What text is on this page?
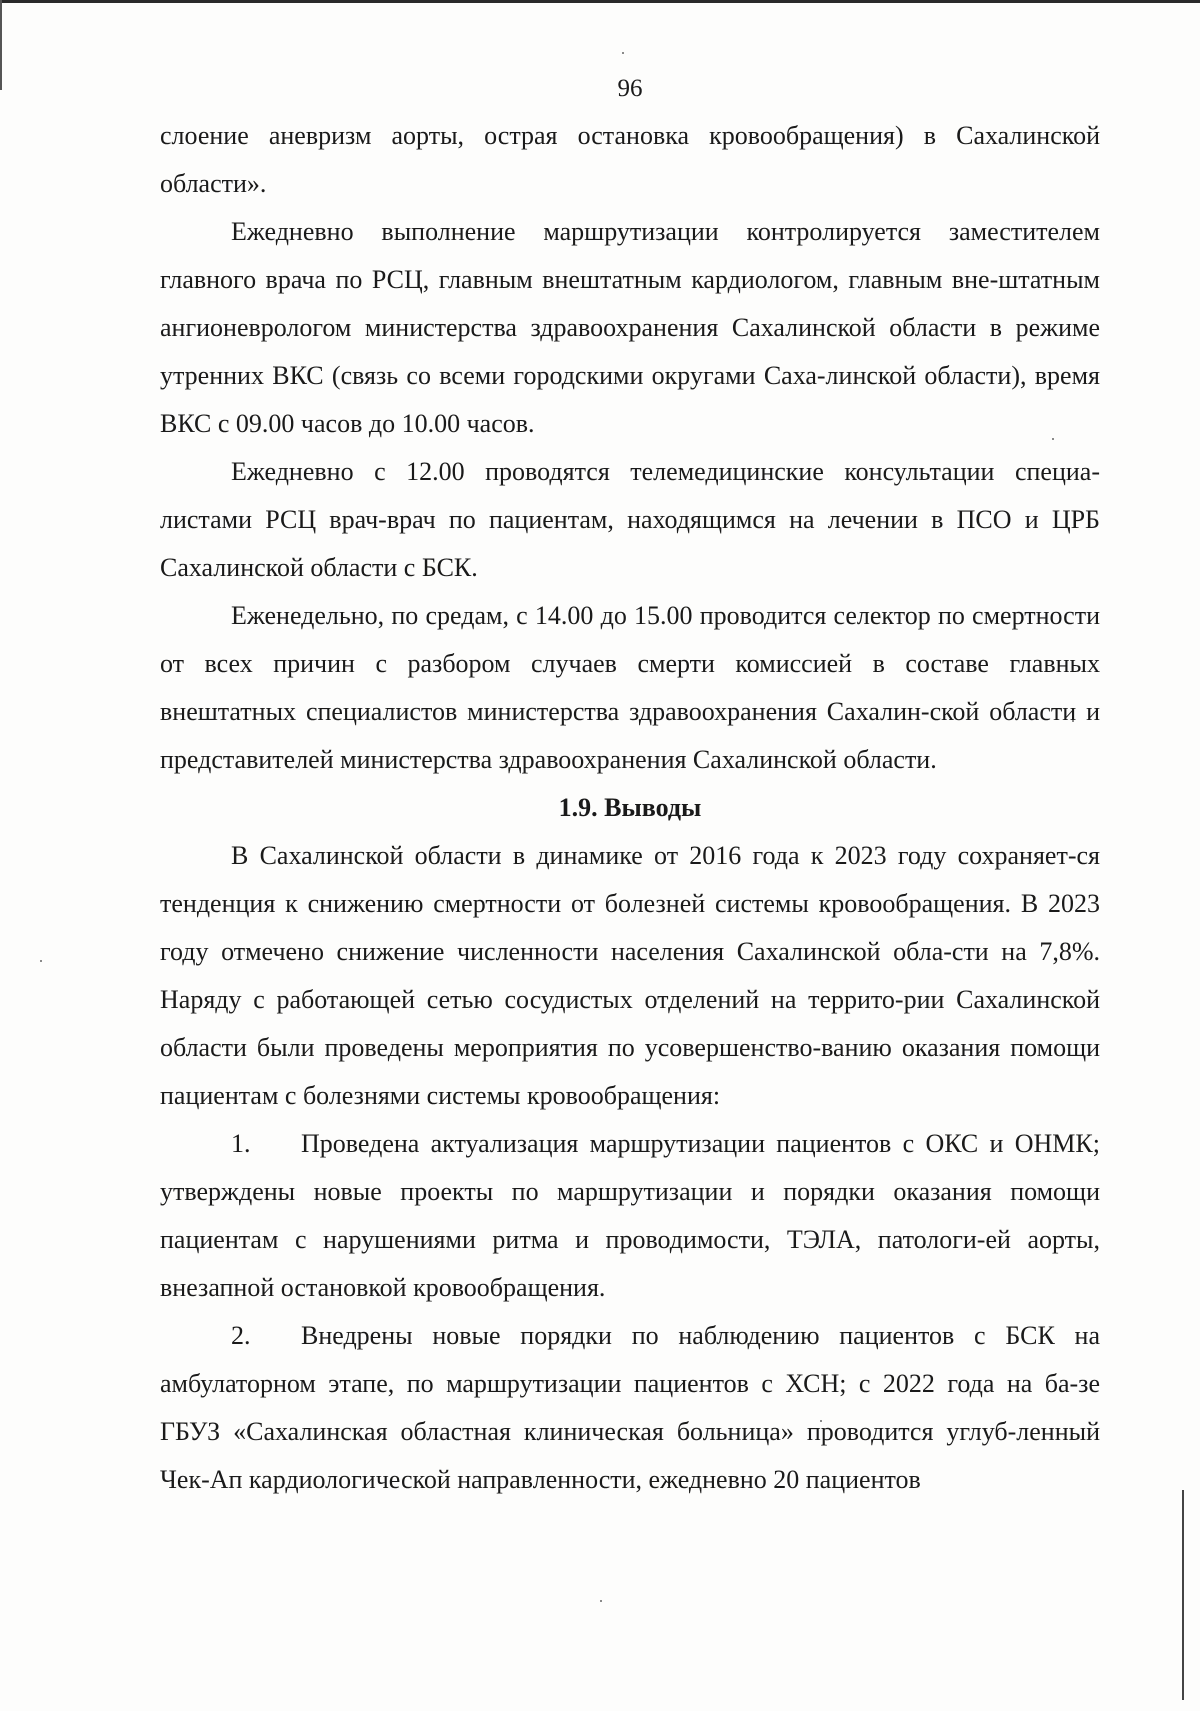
96

слоение аневризм аорты, острая остановка кровообращения) в Сахалинской области».

Ежедневно выполнение маршрутизации контролируется заместителем главного врача по РСЦ, главным внештатным кардиологом, главным вне-штатным ангионеврологом министерства здравоохранения Сахалинской области в режиме утренних ВКС (связь со всеми городскими округами Саха-линской области), время ВКС с 09.00 часов до 10.00 часов.

Ежедневно с 12.00 проводятся телемедицинские консультации специа-листами РСЦ врач-врач по пациентам, находящимся на лечении в ПСО и ЦРБ Сахалинской области с БСК.

Еженедельно, по средам, с 14.00 до 15.00 проводится селектор по смертности от всех причин с разбором случаев смерти комиссией в составе главных внештатных специалистов министерства здравоохранения Сахалин-ской области и представителей министерства здравоохранения Сахалинской области.

1.9. Выводы

В Сахалинской области в динамике от 2016 года к 2023 году сохраняет-ся тенденция к снижению смертности от болезней системы кровообращения. В 2023 году отмечено снижение численности населения Сахалинской обла-сти на 7,8%. Наряду с работающей сетью сосудистых отделений на террито-рии Сахалинской области были проведены мероприятия по усовершенство-ванию оказания помощи пациентам с болезнями системы кровообращения:

1. Проведена актуализация маршрутизации пациентов с ОКС и ОНМК; утверждены новые проекты по маршрутизации и порядки оказания помощи пациентам с нарушениями ритма и проводимости, ТЭЛА, патологи-ей аорты, внезапной остановкой кровообращения.

2. Внедрены новые порядки по наблюдению пациентов с БСК на амбулаторном этапе, по маршрутизации пациентов с ХСН; с 2022 года на ба-зе ГБУЗ «Сахалинская областная клиническая больница» проводится углуб-ленный Чек-Ап кардиологической направленности, ежедневно 20 пациентов
